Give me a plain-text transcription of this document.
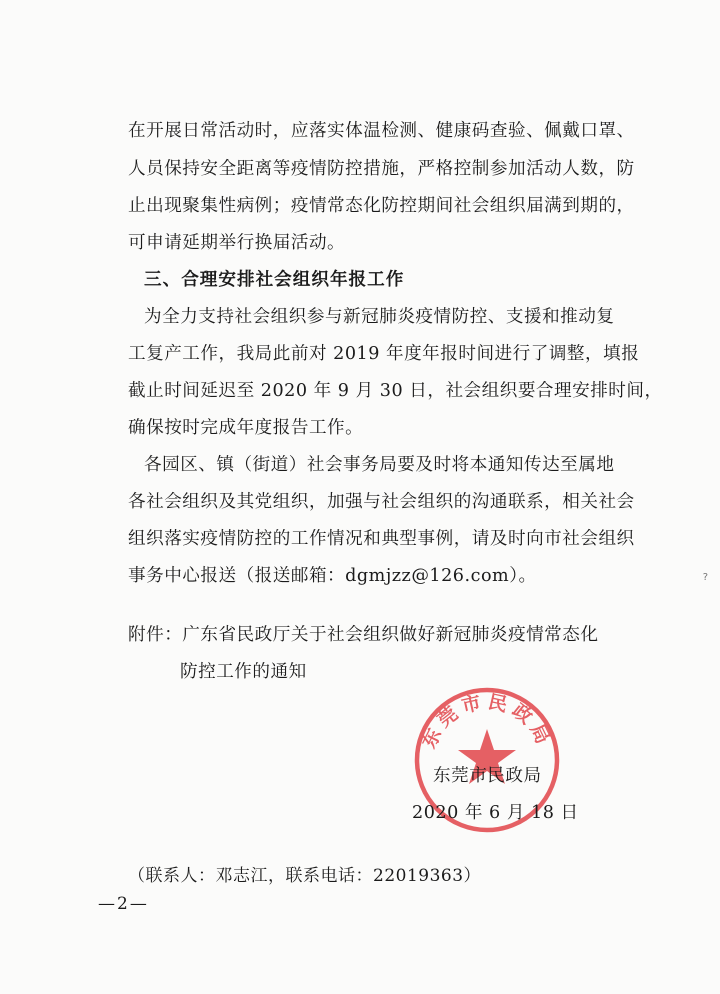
在开展日常活动时，应落实体温检测、健康码查验、佩戴口罩、
人员保持安全距离等疫情防控措施，严格控制参加活动人数，防
止出现聚集性病例；疫情常态化防控期间社会组织届满到期的，
可申请延期举行换届活动。
三、合理安排社会组织年报工作
为全力支持社会组织参与新冠肺炎疫情防控、支援和推动复
工复产工作，我局此前对 2019 年度年报时间进行了调整，填报
截止时间延迟至 2020 年 9 月 30 日，社会组织要合理安排时间，
确保按时完成年度报告工作。
各园区、镇（街道）社会事务局要及时将本通知传达至属地
各社会组织及其党组织，加强与社会组织的沟通联系，相关社会
组织落实疫情防控的工作情况和典型事例，请及时向市社会组织
事务中心报送（报送邮箱：dgmjzz@126.com）。	?
附件：广东省民政厅关于社会组织做好新冠肺炎疫情常态化
防控工作的通知
东莞市民政局
东莞市民政局
2020 年 6 月 18 日
（联系人：邓志江，联系电话：22019363）
—2—
